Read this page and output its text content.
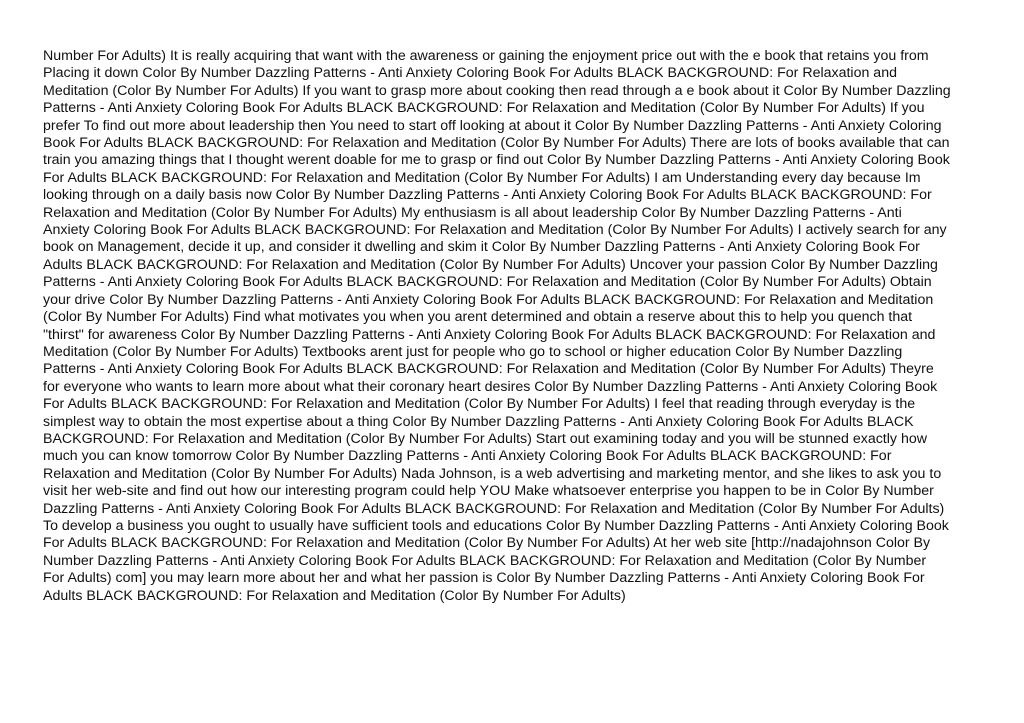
Number For Adults) It is really acquiring that want with the awareness or gaining the enjoyment price out with the e book that retains you from
Placing it down Color By Number Dazzling Patterns - Anti Anxiety Coloring Book For Adults BLACK BACKGROUND: For Relaxation and
Meditation (Color By Number For Adults) If you want to grasp more about cooking then read through a e book about it Color By Number Dazzling
Patterns - Anti Anxiety Coloring Book For Adults BLACK BACKGROUND: For Relaxation and Meditation (Color By Number For Adults) If you
prefer To find out more about leadership then You need to start off looking at about it Color By Number Dazzling Patterns - Anti Anxiety Coloring
Book For Adults BLACK BACKGROUND: For Relaxation and Meditation (Color By Number For Adults) There are lots of books available that can
train you amazing things that I thought werent doable for me to grasp or find out Color By Number Dazzling Patterns - Anti Anxiety Coloring Book
For Adults BLACK BACKGROUND: For Relaxation and Meditation (Color By Number For Adults) I am Understanding every day because Im
looking through on a daily basis now Color By Number Dazzling Patterns - Anti Anxiety Coloring Book For Adults BLACK BACKGROUND: For
Relaxation and Meditation (Color By Number For Adults) My enthusiasm is all about leadership Color By Number Dazzling Patterns - Anti
Anxiety Coloring Book For Adults BLACK BACKGROUND: For Relaxation and Meditation (Color By Number For Adults) I actively search for any
book on Management, decide it up, and consider it dwelling and skim it Color By Number Dazzling Patterns - Anti Anxiety Coloring Book For
Adults BLACK BACKGROUND: For Relaxation and Meditation (Color By Number For Adults) Uncover your passion Color By Number Dazzling
Patterns - Anti Anxiety Coloring Book For Adults BLACK BACKGROUND: For Relaxation and Meditation (Color By Number For Adults) Obtain
your drive Color By Number Dazzling Patterns - Anti Anxiety Coloring Book For Adults BLACK BACKGROUND: For Relaxation and Meditation
(Color By Number For Adults) Find what motivates you when you arent determined and obtain a reserve about this to help you quench that
"thirst" for awareness Color By Number Dazzling Patterns - Anti Anxiety Coloring Book For Adults BLACK BACKGROUND: For Relaxation and
Meditation (Color By Number For Adults) Textbooks arent just for people who go to school or higher education Color By Number Dazzling
Patterns - Anti Anxiety Coloring Book For Adults BLACK BACKGROUND: For Relaxation and Meditation (Color By Number For Adults) Theyre
for everyone who wants to learn more about what their coronary heart desires Color By Number Dazzling Patterns - Anti Anxiety Coloring Book
For Adults BLACK BACKGROUND: For Relaxation and Meditation (Color By Number For Adults) I feel that reading through everyday is the
simplest way to obtain the most expertise about a thing Color By Number Dazzling Patterns - Anti Anxiety Coloring Book For Adults BLACK
BACKGROUND: For Relaxation and Meditation (Color By Number For Adults) Start out examining today and you will be stunned exactly how
much you can know tomorrow Color By Number Dazzling Patterns - Anti Anxiety Coloring Book For Adults BLACK BACKGROUND: For
Relaxation and Meditation (Color By Number For Adults) Nada Johnson, is a web advertising and marketing mentor, and she likes to ask you to
visit her web-site and find out how our interesting program could help YOU Make whatsoever enterprise you happen to be in Color By Number
Dazzling Patterns - Anti Anxiety Coloring Book For Adults BLACK BACKGROUND: For Relaxation and Meditation (Color By Number For Adults)
To develop a business you ought to usually have sufficient tools and educations Color By Number Dazzling Patterns - Anti Anxiety Coloring Book
For Adults BLACK BACKGROUND: For Relaxation and Meditation (Color By Number For Adults) At her web site [http://nadajohnson Color By
Number Dazzling Patterns - Anti Anxiety Coloring Book For Adults BLACK BACKGROUND: For Relaxation and Meditation (Color By Number
For Adults) com] you may learn more about her and what her passion is Color By Number Dazzling Patterns - Anti Anxiety Coloring Book For
Adults BLACK BACKGROUND: For Relaxation and Meditation (Color By Number For Adults)
